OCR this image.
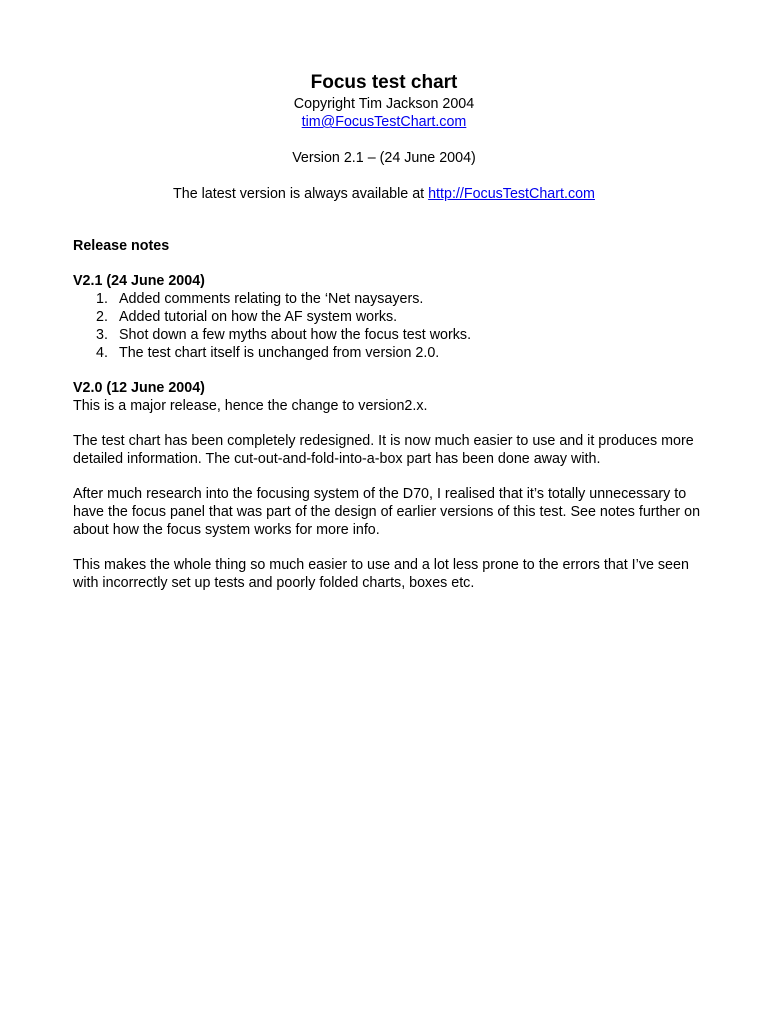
Focus test chart

Copyright Tim Jackson 2004

tim@FocusTestChart.com

Version 2.1 – (24 June 2004)

The latest version is always available at http://FocusTestChart.com

Release notes

V2.1 (24 June 2004)

1. Added comments relating to the ‘Net naysayers.
2. Added tutorial on how the AF system works.
3. Shot down a few myths about how the focus test works.
4. The test chart itself is unchanged from version 2.0.

V2.0 (12 June 2004)

This is a major release, hence the change to version2.x.

The test chart has been completely redesigned. It is now much easier to use and it produces more detailed information. The cut-out-and-fold-into-a-box part has been done away with.

After much research into the focusing system of the D70, I realised that it’s totally unnecessary to have the focus panel that was part of the design of earlier versions of this test. See notes further on about how the focus system works for more info.

This makes the whole thing so much easier to use and a lot less prone to the errors that I’ve seen with incorrectly set up tests and poorly folded charts, boxes etc.
